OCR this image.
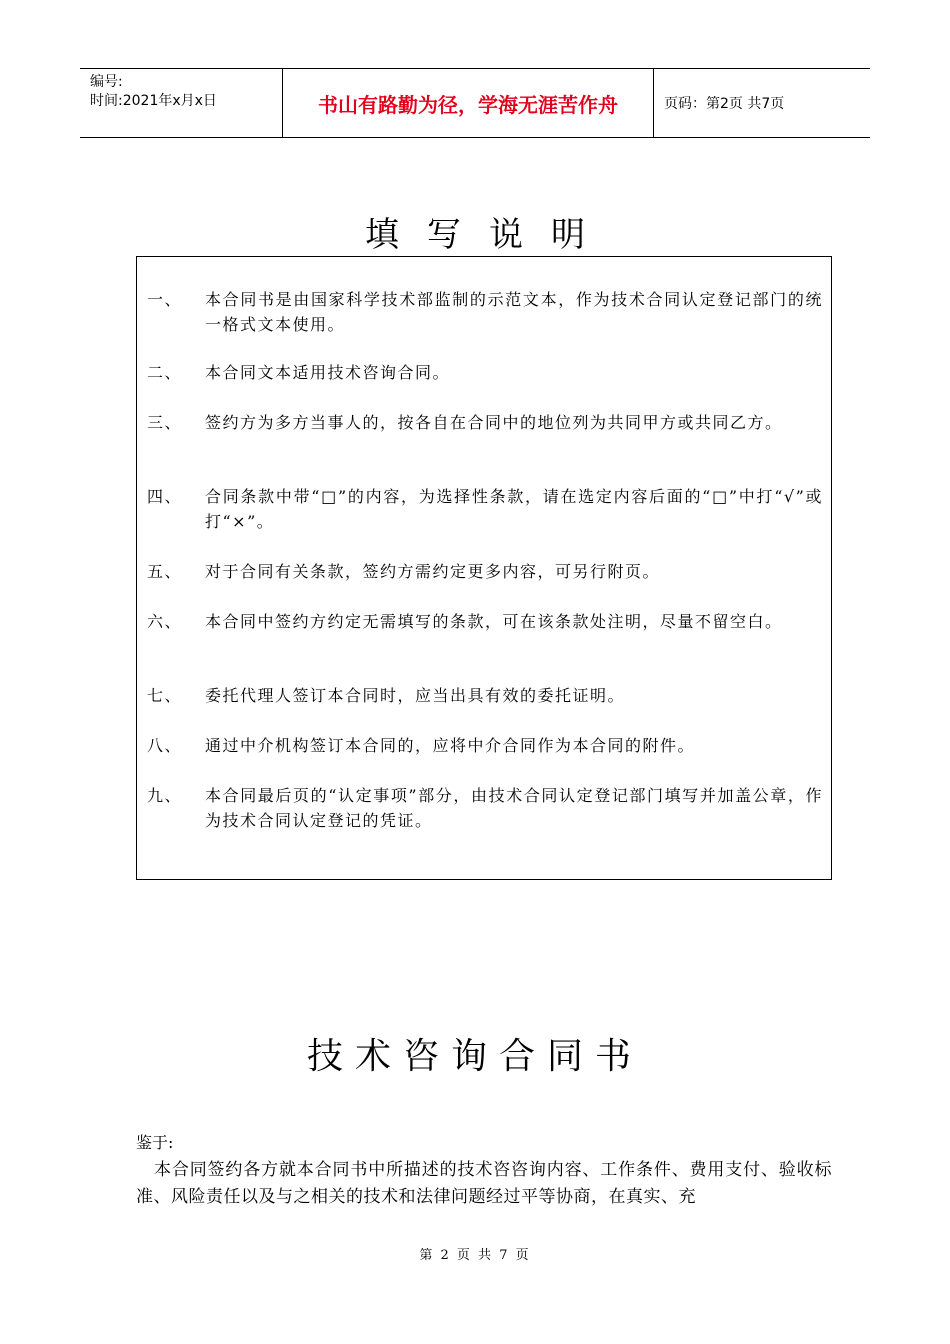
编号:
时间:2021年x月x日	书山有路勤为径，学海无涯苦作舟	页码：第2页 共7页
填写说明
一、	本合同书是由国家科学技术部监制的示范文本，作为技术合同认定登记部门的统一格式文本使用。
二、	本合同文本适用技术咨询合同。
三、	签约方为多方当事人的，按各自在合同中的地位列为共同甲方或共同乙方。
四、	合同条款中带“□”的内容，为选择性条款，请在选定内容后面的“□”中打“√”或打“×”。
五、	对于合同有关条款，签约方需约定更多内容，可另行附页。
六、	本合同中签约方约定无需填写的条款，可在该条款处注明，尽量不留空白。
七、	委托代理人签订本合同时，应当出具有效的委托证明。
八、	通过中介机构签订本合同的，应将中介合同作为本合同的附件。
九、	本合同最后页的“认定事项”部分，由技术合同认定登记部门填写并加盖公章，作为技术合同认定登记的凭证。
技术咨询合同书
鉴于:
本合同签约各方就本合同书中所描述的技术咨咨询内容、工作条件、费用支付、验收标准、风险责任以及与之相关的技术和法律问题经过平等协商，在真实、充
第 2 页 共 7 页
